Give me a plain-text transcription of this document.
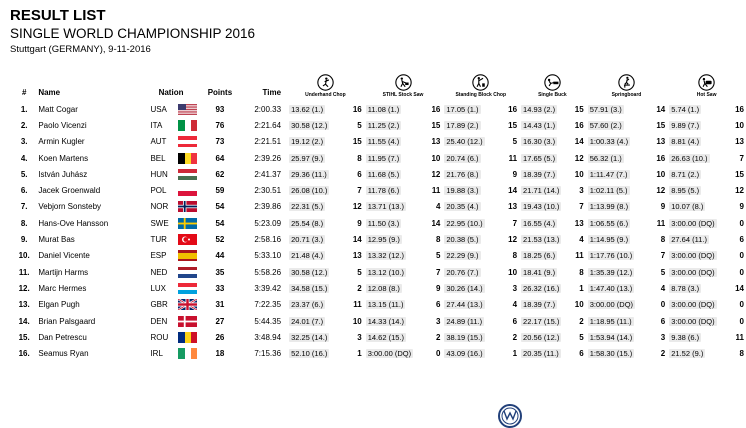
RESULT LIST
SINGLE WORLD CHAMPIONSHIP 2016
Stuttgart (GERMANY), 9-11-2016
#	Name	Nation	Points	Time	Underhand Chop	STIHL Stock Saw	Standing Block Chop	Single Buck	Springboard	Hot Saw

1.	Matt Cogar	USA	93	2:00.33	13.62 (1.) 16	11.08 (1.) 16	17.05 (1.) 16	14.93 (2.) 15	57.91 (3.) 14	5.74 (1.) 16

2.	Paolo Vicenzi	ITA	76	2:21.64	30.58 (12.) 5	11.25 (2.) 15	17.89 (2.) 15	14.43 (1.) 16	57.60 (2.) 15	9.89 (7.) 10

3.	Armin Kugler	AUT	73	2:21.51	19.12 (2.) 15	11.55 (4.) 13	25.40 (12.) 5	16.30 (3.) 14	1:00.33 (4.) 13	8.81 (4.) 13

4.	Koen Martens	BEL	64	2:39.26	25.97 (9.) 8	11.95 (7.) 10	20.74 (6.) 11	17.65 (5.) 12	56.32 (1.) 16	26.63 (10.) 7

5.	István Juhász	HUN	62	2:41.37	29.36 (11.) 6	11.68 (5.) 12	21.76 (8.) 9	18.39 (7.) 10	1:11.47 (7.) 10	8.71 (2.) 15

6.	Jacek Groenwald	POL	59	2:30.51	26.08 (10.) 7	11.78 (6.) 11	19.88 (3.) 14	21.71 (14.) 3	1:02.11 (5.) 12	8.95 (5.) 12

7.	Vebjorn Sonsteby	NOR	54	2:39.86	22.31 (5.) 12	13.71 (13.) 4	20.35 (4.) 13	19.43 (10.) 7	1:13.99 (8.) 9	10.07 (8.) 9

8.	Hans-Ove Hansson	SWE	54	5:23.09	25.54 (8.) 9	11.50 (3.) 14	22.95 (10.) 7	16.55 (4.) 13	1:06.55 (6.) 11	3:00.00 (DQ) 0

9.	Murat Bas	TUR	52	2:58.16	20.71 (3.) 14	12.95 (9.) 8	20.38 (5.) 12	21.53 (13.) 4	1:14.95 (9.) 8	27.64 (11.) 6

10.	Daniel Vicente	ESP	44	5:33.10	21.48 (4.) 13	13.32 (12.) 5	22.29 (9.) 8	18.25 (6.) 11	1:17.76 (10.) 7	3:00.00 (DQ) 0

11.	Martijn Harms	NED	35	5:58.26	30.58 (12.) 5	13.12 (10.) 7	20.76 (7.) 10	18.41 (9.) 8	1:35.39 (12.) 5	3:00.00 (DQ) 0

12.	Marc Hermes	LUX	33	3:39.42	34.58 (15.) 2	12.08 (8.) 9	30.26 (14.) 3	26.32 (16.) 1	1:47.40 (13.) 4	8.78 (3.) 14

13.	Elgan Pugh	GBR	31	7:22.35	23.37 (6.) 11	13.15 (11.) 6	27.44 (13.) 4	18.39 (7.) 10	3:00.00 (DQ) 0	3:00.00 (DQ) 0

14.	Brian Palsgaard	DEN	27	5:44.35	24.01 (7.) 10	14.33 (14.) 3	24.89 (11.) 6	22.17 (15.) 2	1:18.95 (11.) 6	3:00.00 (DQ) 0

15.	Dan Petrescu	ROU	26	3:48.94	32.25 (14.) 3	14.62 (15.) 2	38.19 (15.) 2	20.56 (12.) 5	1:53.94 (14.) 3	9.38 (6.) 11

16.	Seamus Ryan	IRL	18	7:15.36	52.10 (16.) 1	3:00.00 (DQ) 0	43.09 (16.) 1	20.35 (11.) 6	1:58.30 (15.) 2	21.52 (9.) 8
